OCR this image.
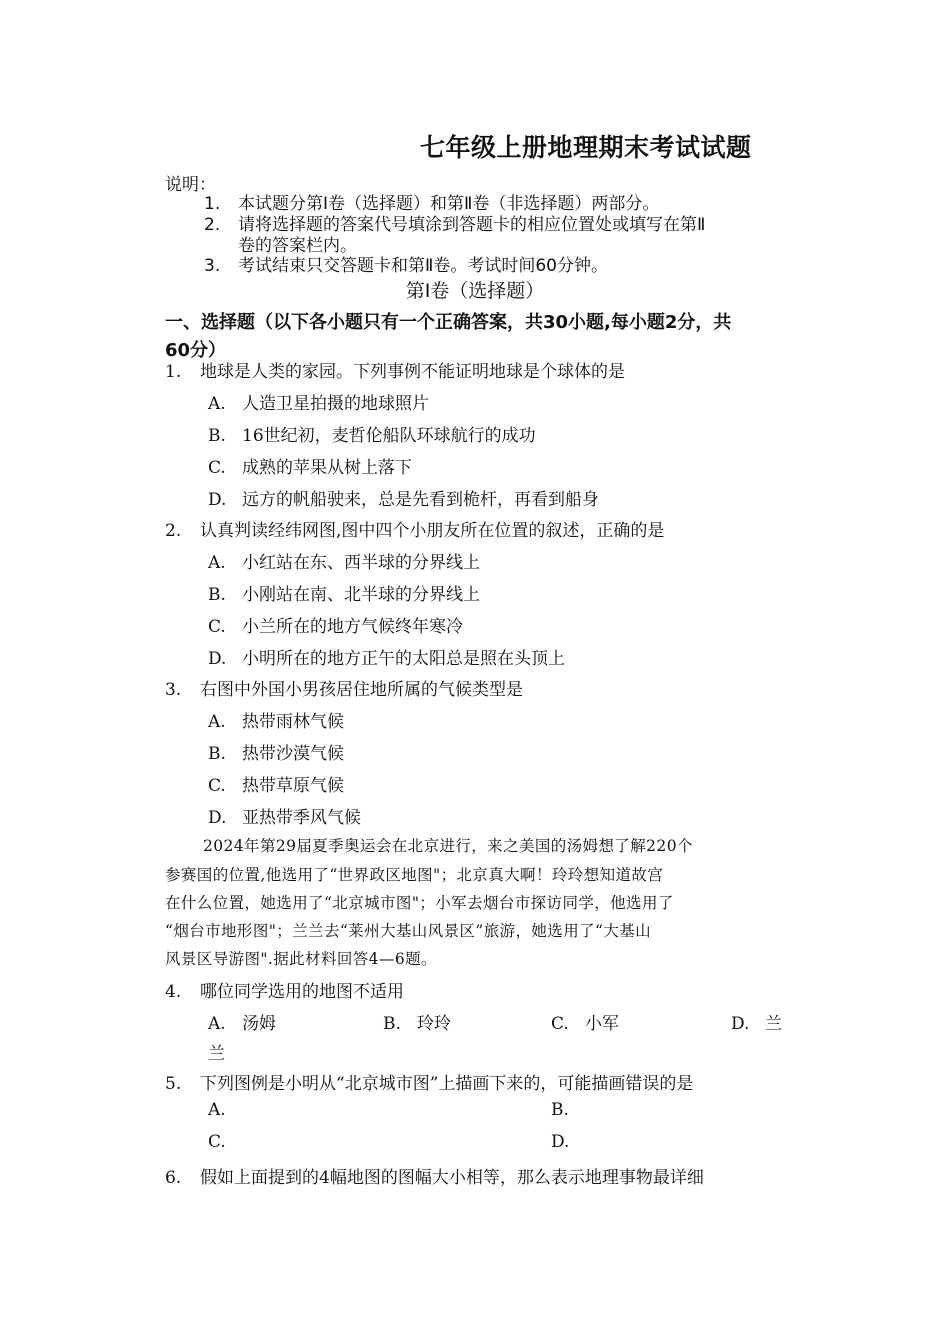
七年级上册地理期末考试试题
说明：
1. 本试题分第Ⅰ卷（选择题）和第Ⅱ卷（非选择题）两部分。
2. 请将选择题的答案代号填涂到答题卡的相应位置处或填写在第Ⅱ
卷的答案栏内。
3. 考试结束只交答题卡和第Ⅱ卷。考试时间60分钟。
第Ⅰ卷（选择题）
一、选择题（以下各小题只有一个正确答案，共30小题,每小题2分，共
60分）
1. 地球是人类的家园。下列事例不能证明地球是个球体的是
A. 人造卫星拍摄的地球照片
B. 16世纪初，麦哲伦船队环球航行的成功
C. 成熟的苹果从树上落下
D. 远方的帆船驶来，总是先看到桅杆，再看到船身
2. 认真判读经纬网图,图中四个小朋友所在位置的叙述，正确的是
A. 小红站在东、西半球的分界线上
B. 小刚站在南、北半球的分界线上
C. 小兰所在的地方气候终年寒冷
D. 小明所在的地方正午的太阳总是照在头顶上
3. 右图中外国小男孩居住地所属的气候类型是
A. 热带雨林气候
B. 热带沙漠气候
C. 热带草原气候
D. 亚热带季风气候
2024年第29届夏季奥运会在北京进行，来之美国的汤姆想了解220个
参赛国的位置,他选用了“世界政区地图"；北京真大啊！玲玲想知道故宫
在什么位置，她选用了“北京城市图"；小军去烟台市探访同学，他选用了
“烟台市地形图"；兰兰去“莱州大基山风景区”旅游，她选用了“大基山
风景区导游图".据此材料回答4—6题。
4. 哪位同学选用的地图不适用
A. 汤姆	B. 玲玲	C. 小军	D. 兰
兰
5. 下列图例是小明从“北京城市图”上描画下来的，可能描画错误的是
A.	B.
C.	D.
6. 假如上面提到的4幅地图的图幅大小相等，那么表示地理事物最详细
